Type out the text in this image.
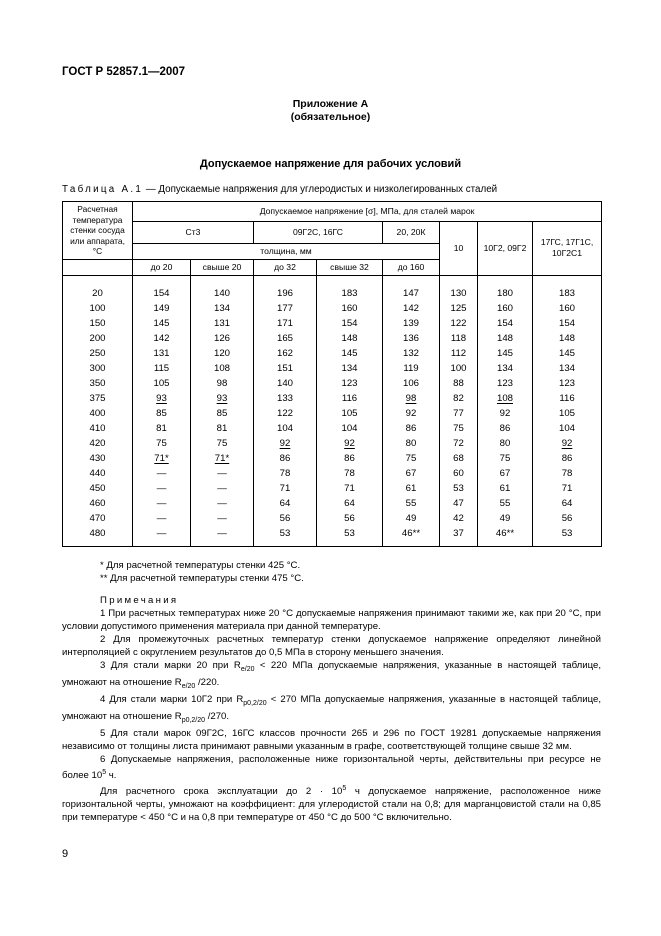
ГОСТ Р 52857.1—2007
Приложение А
(обязательное)
Допускаемое напряжение для рабочих условий
Таблица А.1 — Допускаемые напряжения для углеродистых и низколегированных сталей
Расчетная температура стенки сосуда или аппарата, °С	Допускаемое напряжение [σ], МПа, для сталей марок							
	Ст3		09Г2С, 16ГС		20, 20К	10	10Г2, 09Г2	17ГС, 17Г1С, 10Г2С1
	толщина, мм							
	до 20	свыше 20	до 32	свыше 32	до 160			
20	154	140	196	183	147	130	180	183
100	149	134	177	160	142	125	160	160
150	145	131	171	154	139	122	154	154
200	142	126	165	148	136	118	148	148
250	131	120	162	145	132	112	145	145
300	115	108	151	134	119	100	134	134
350	105	98	140	123	106	88	123	123
375	93	93	133	116	98	82	108	116
400	85	85	122	105	92	77	92	105
410	81	81	104	104	86	75	86	104
420	75	75	92	92	80	72	80	92
430	71*	71*	86	86	75	68	75	86
440	—	—	78	78	67	60	67	78
450	—	—	71	71	61	53	61	71
460	—	—	64	64	55	47	55	64
470	—	—	56	56	49	42	49	56
480	—	—	53	53	46**	37	46**	53

* Для расчетной температуры стенки 425 °С.

** Для расчетной температуры стенки 475 °С.

Примечания

1 При расчетных температурах ниже 20 °С допускаемые напряжения принимают такими же, как при 20 °С, при условии допустимого применения материала при данной температуре.

2 Для промежуточных расчетных температур стенки допускаемое напряжение определяют линейной интерполяцией с округлением результатов до 0,5 МПа в сторону меньшего значения.

3 Для стали марки 20 при $R_{e/20} < 220$ МПа допускаемые напряжения, указанные в настоящей таблице, умножают на отношение $R_{e/20}$ /220.

4 Для стали марки 10Г2 при $R_{p0,2/20} < 270$ МПа допускаемые напряжения, указанные в настоящей таблице, умножают на отношение $R_{p0,2/20}$ /270.

5 Для стали марок 09Г2С, 16ГС классов прочности 265 и 296 по ГОСТ 19281 допускаемые напряжения независимо от толщины листа принимают равными указанным в графе, соответствующей толщине свыше 32 мм.

6 Допускаемые напряжения, расположенные ниже горизонтальной черты, действительны при ресурсе не более $10^5$ ч.

Для расчетного срока эксплуатации до $2 \cdot 10^5$ ч допускаемое напряжение, расположенное ниже горизонтальной черты, умножают на коэффициент: для углеродистой стали на 0,8; для марганцовистой стали на 0,85 при температуре < 450 °С и на 0,8 при температуре от 450 °С до 500 °С включительно.

9
